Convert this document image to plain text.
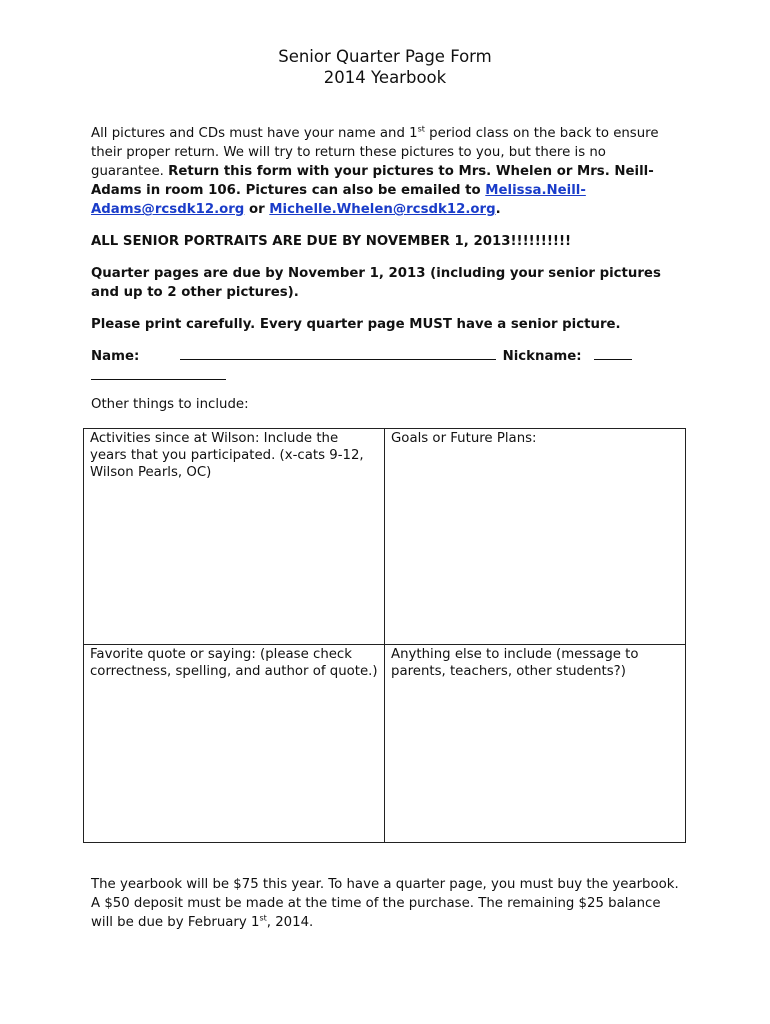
Senior Quarter Page Form
2014 Yearbook
All pictures and CDs must have your name and 1st period class on the back to ensure their proper return. We will try to return these pictures to you, but there is no guarantee. Return this form with your pictures to Mrs. Whelen or Mrs. Neill-Adams in room 106. Pictures can also be emailed to Melissa.Neill-Adams@rcsdk12.org or Michelle.Whelen@rcsdk12.org.
ALL SENIOR PORTRAITS ARE DUE BY NOVEMBER 1, 2013!!!!!!!!!!
Quarter pages are due by November 1, 2013 (including your senior pictures and up to 2 other pictures).
Please print carefully. Every quarter page MUST have a senior picture.
Name:	Nickname:

Other things to include:
Activities since at Wilson: Include the years that you participated. (x-cats 9-12, Wilson Pearls, OC)	Goals or Future Plans:

Favorite quote or saying: (please check correctness, spelling, and author of quote.)	Anything else to include (message to parents, teachers, other students?)
The yearbook will be $75 this year. To have a quarter page, you must buy the yearbook. A $50 deposit must be made at the time of the purchase. The remaining $25 balance will be due by February 1st, 2014.
